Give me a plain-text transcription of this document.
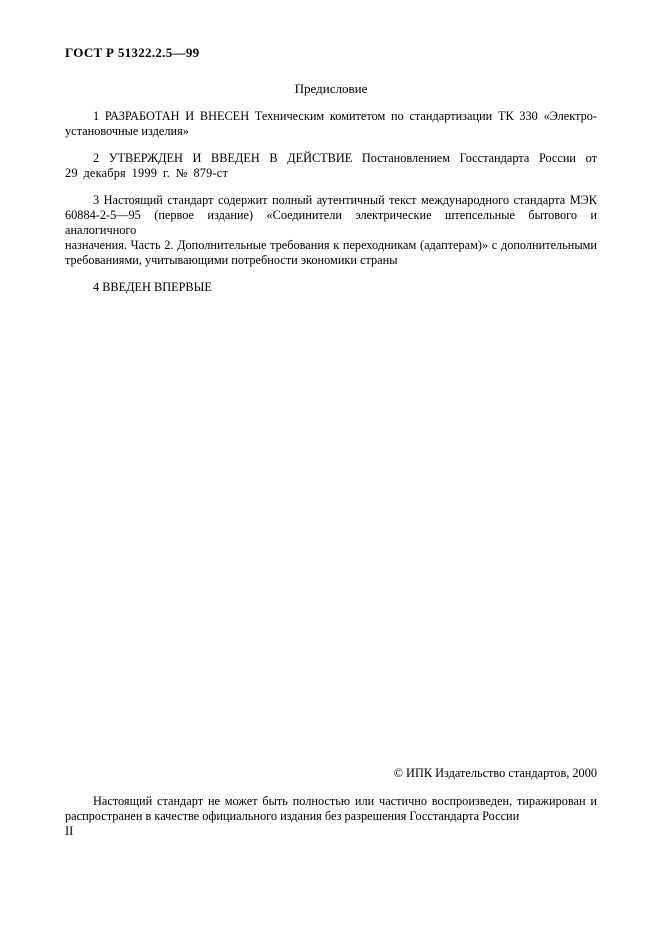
ГОСТ Р 51322.2.5—99
Предисловие
1 РАЗРАБОТАН И ВНЕСЕН Техническим комитетом по стандартизации ТК 330 «Электро-
установочные изделия»
2 УТВЕРЖДЕН И ВВЕДЕН В ДЕЙСТВИЕ Постановлением Госстандарта России от
29 декабря 1999 г. № 879-ст
3 Настоящий стандарт содержит полный аутентичный текст международного стандарта МЭК
60884-2-5—95 (первое издание) «Соединители электрические штепсельные бытового и аналогичного
назначения. Часть 2. Дополнительные требования к переходникам (адаптерам)» с дополнительными
требованиями, учитывающими потребности экономики страны
4 ВВЕДЕН ВПЕРВЫЕ
© ИПК Издательство стандартов, 2000
Настоящий стандарт не может быть полностью или частично воспроизведен, тиражирован и
распространен в качестве официального издания без разрешения Госстандарта России
II
